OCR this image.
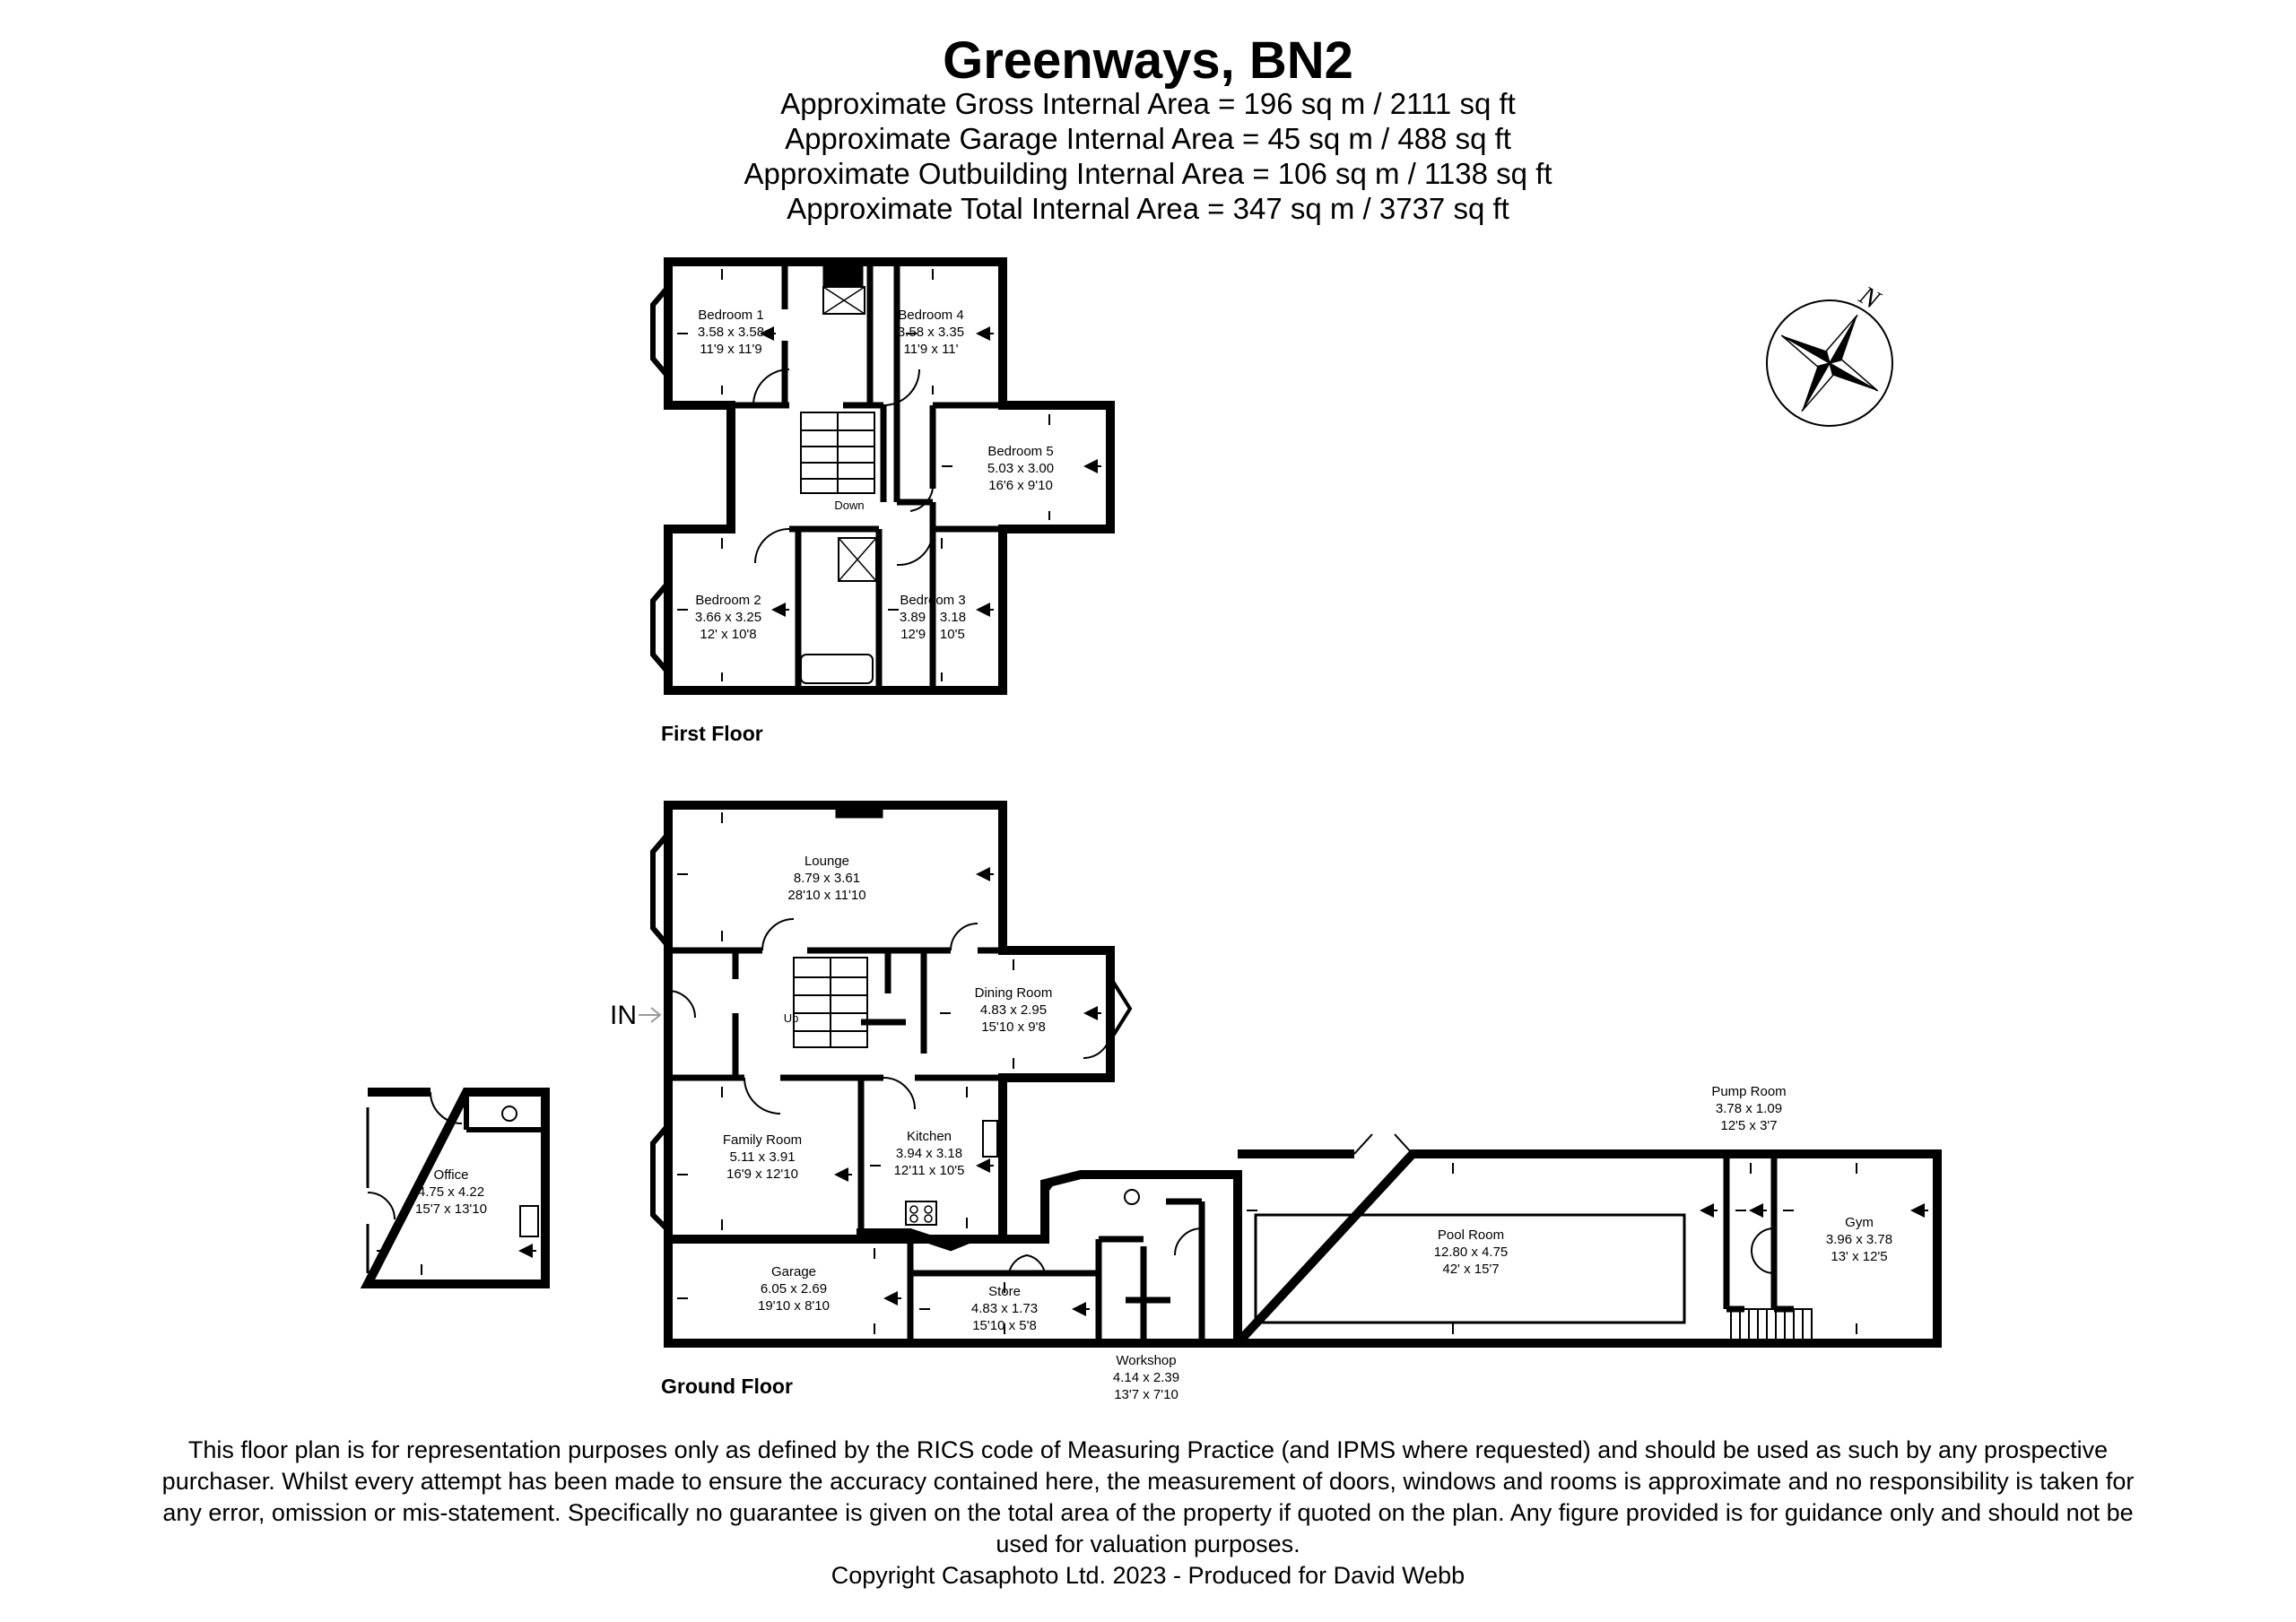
Greenways, BN2
Approximate Gross Internal Area = 196 sq m / 2111 sq ft
Approximate Garage Internal Area = 45 sq m / 488 sq ft
Approximate Outbuilding Internal Area = 106 sq m / 1138 sq ft
Approximate Total Internal Area = 347 sq m / 3737 sq ft
Bedroom 1
3.58 x 3.58
11'9 x 11'9
Bedroom 4
3.58 x 3.35
11'9 x 11'
Bedroom 5
5.03 x 3.00
16'6 x 9'10
Bedroom 2
3.66 x 3.25
12' x 10'8
Bedroom 3
3.89 x 3.18
12'9 x 10'5
Down
First Floor
Garage
6.05 x 2.69
19'10 x 8'10
Store
4.83 x 1.73
15'10 x 5'8
Workshop
4.14 x 2.39
13'7 x 7'10
Pool Room
12.80 x 4.75
42' x 15'7
Pump Room
3.78 x 1.09
12'5 x 3'7
Gym
3.96 x 3.78
13' x 12'5
Office
4.75 x 4.22
15'7 x 13'10
Lounge
8.79 x 3.61
28'10 x 11'10
Dining Room
4.83 x 2.95
15'10 x 9'8
Family Room
5.11 x 3.91
16'9 x 12'10
Kitchen
3.94 x 3.18
12'11 x 10'5
Up
IN
Ground Floor
N
This floor plan is for representation purposes only as defined by the RICS code of Measuring Practice (and IPMS where requested) and should be used as such by any prospective purchaser. Whilst every attempt has been made to ensure the accuracy contained here, the measurement of doors, windows and rooms is approximate and no responsibility is taken for any error, omission or mis-statement. Specifically no guarantee is given on the total area of the property if quoted on the plan. Any figure provided is for guidance only and should not be used for valuation purposes.
Copyright Casaphoto Ltd. 2023 - Produced for David Webb
